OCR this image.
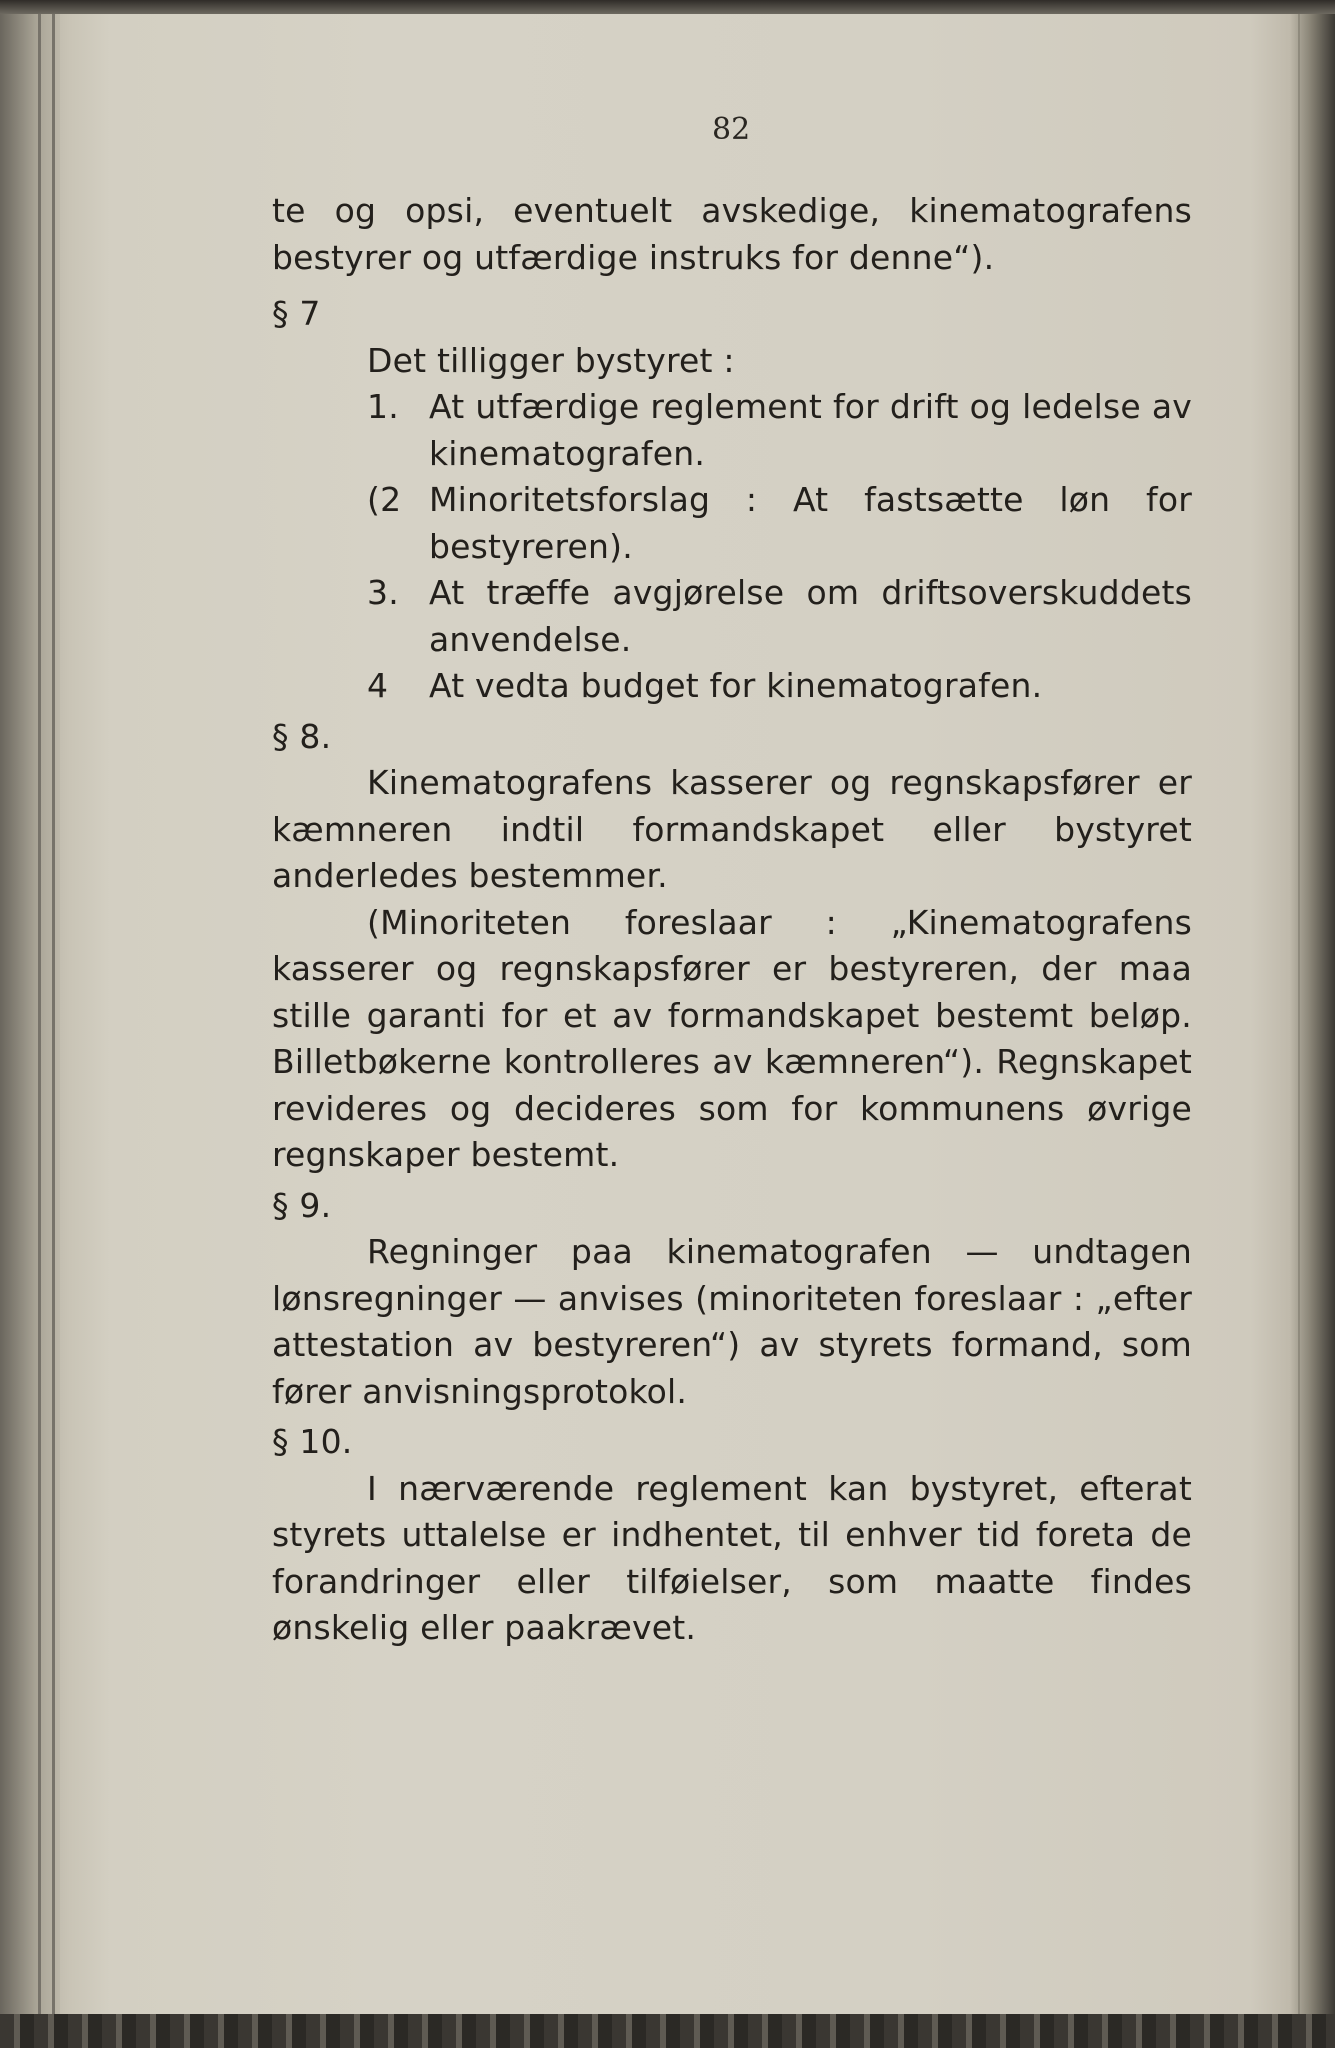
82

te og opsi, eventuelt avskedige, kinematografens bestyrer og utfærdige instruks for denne“).

§ 7

Det tilligger bystyret :

1. At utfærdige reglement for drift og ledelse av kinematografen.
(2 Minoritetsforslag : At fastsætte løn for bestyreren).
3. At træffe avgjørelse om driftsoverskuddets anvendelse.
4	At vedta budget for kinematografen.

§ 8.

Kinematografens kasserer og regnskapsfører er kæmneren indtil formandskapet eller bystyret anderledes bestemmer.

(Minoriteten foreslaar : „Kinematografens kasserer og regnskapsfører er bestyreren, der maa stille garanti for et av formandskapet bestemt beløp. Billetbøkerne kontrolleres av kæmneren“). Regnskapet revideres og decideres som for kommunens øvrige regnskaper bestemt.

§ 9.

Regninger paa kinematografen — undtagen lønsregninger — anvises (minoriteten foreslaar : „efter attestation av bestyreren“) av styrets formand, som fører anvisningsprotokol.

§ 10.

I nærværende reglement kan bystyret, efterat styrets uttalelse er indhentet, til enhver tid foreta de forandringer eller tilføielser, som maatte findes ønskelig eller paakrævet.
